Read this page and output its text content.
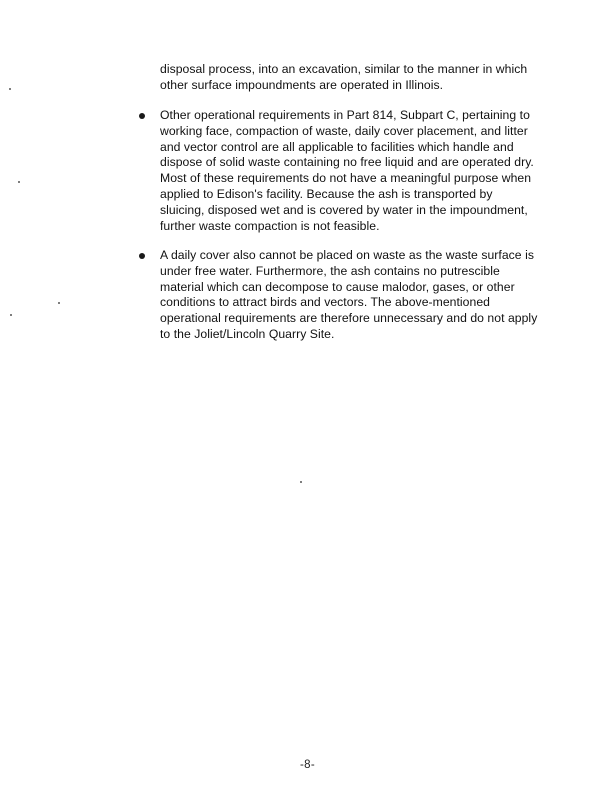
disposal process, into an excavation, similar to the manner in which
other surface impoundments are operated in Illinois.
Other operational requirements in Part 814, Subpart C, pertaining to
working face, compaction of waste, daily cover placement, and litter
and vector control are all applicable to facilities which handle and
dispose of solid waste containing no free liquid and are operated dry.
Most of these requirements do not have a meaningful purpose when
applied to Edison's facility. Because the ash is transported by
sluicing, disposed wet and is covered by water in the impoundment,
further waste compaction is not feasible.
A daily cover also cannot be placed on waste as the waste surface is
under free water. Furthermore, the ash contains no putrescible
material which can decompose to cause malodor, gases, or other
conditions to attract birds and vectors. The above-mentioned
operational requirements are therefore unnecessary and do not apply
to the Joliet/Lincoln Quarry Site.
-8-
